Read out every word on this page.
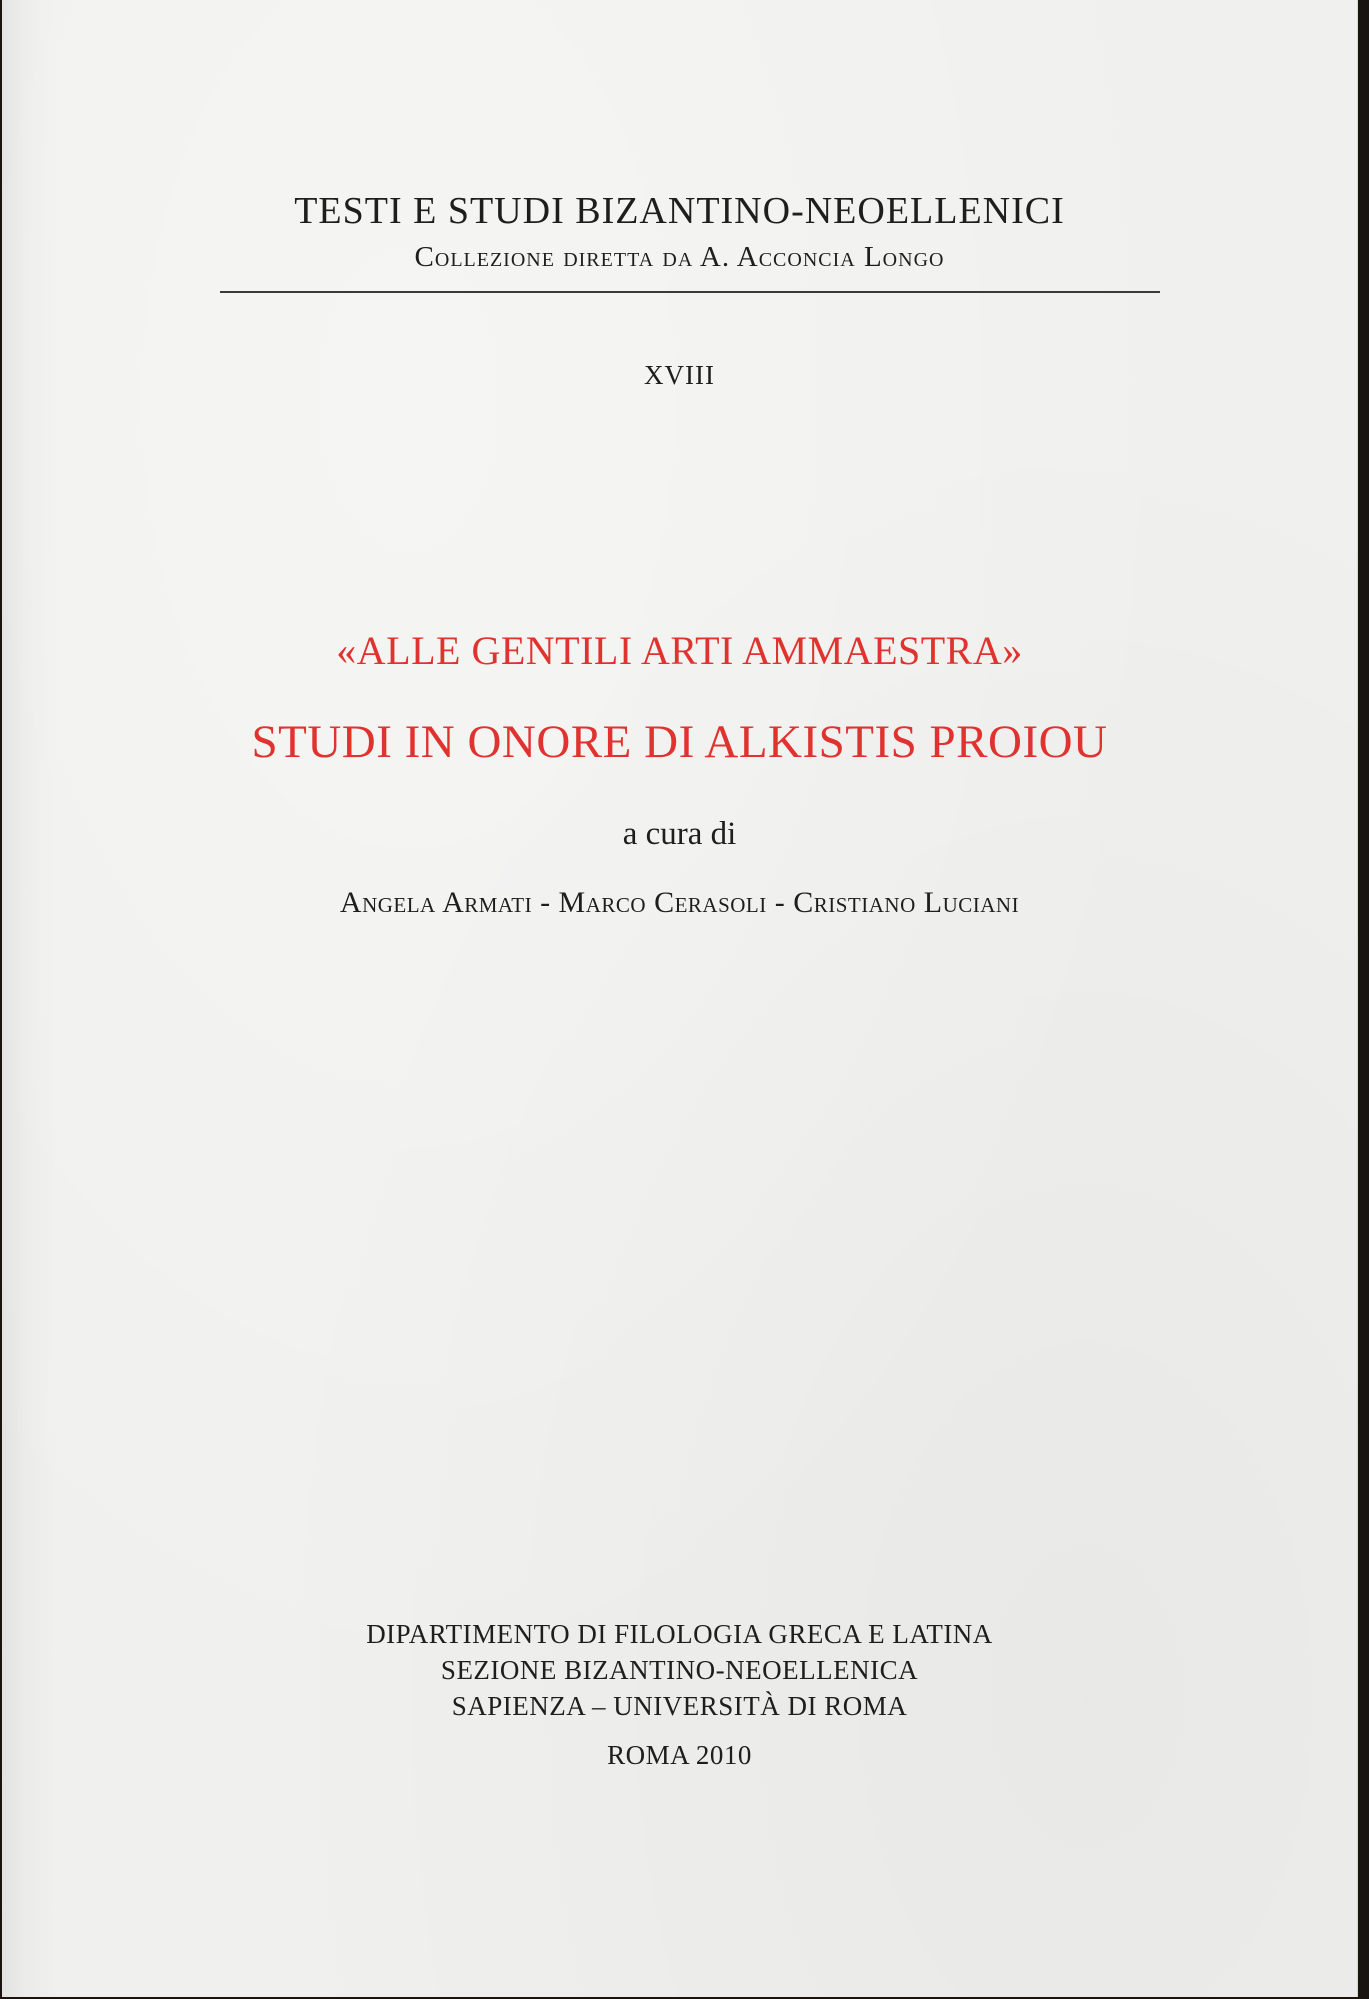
TESTI E STUDI BIZANTINO-NEOELLENICI
Collezione diretta da A. Acconcia Longo
XVIII
«ALLE GENTILI ARTI AMMAESTRA»
STUDI IN ONORE DI ALKISTIS PROIOU
a cura di
Angela Armati - Marco Cerasoli - Cristiano Luciani
DIPARTIMENTO DI FILOLOGIA GRECA E LATINA
SEZIONE BIZANTINO-NEOELLENICA
SAPIENZA – UNIVERSITÀ DI ROMA
ROMA 2010
